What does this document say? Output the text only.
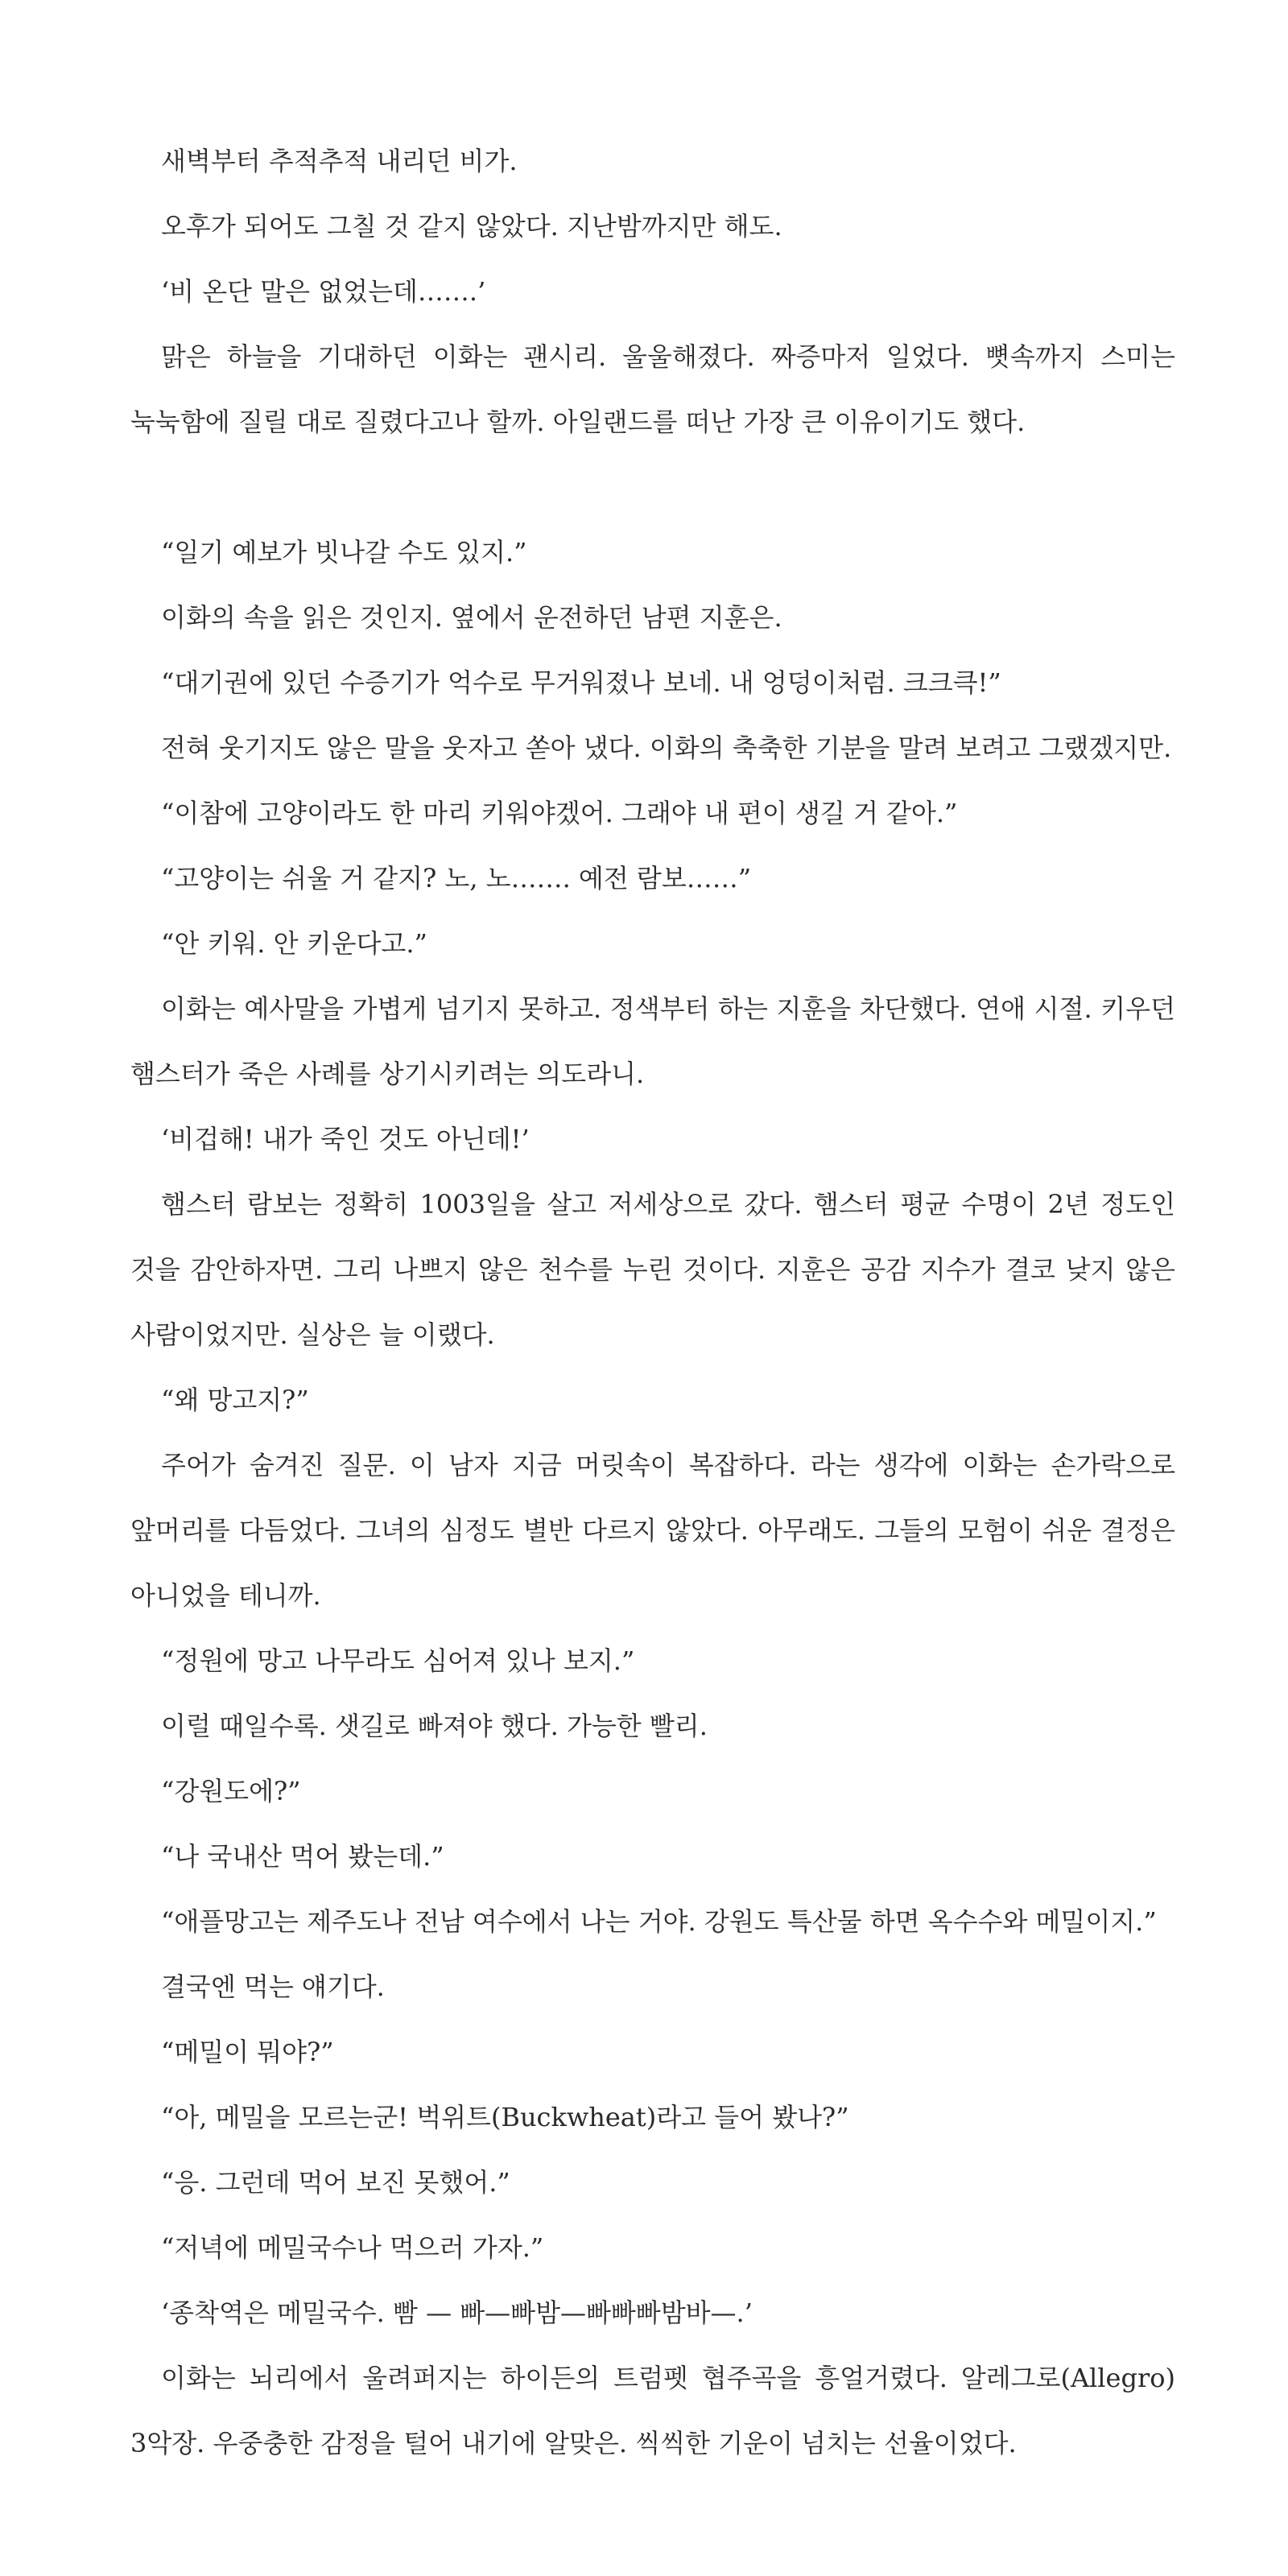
새벽부터 추적추적 내리던 비가.

오후가 되어도 그칠 것 같지 않았다. 지난밤까지만 해도.

‘비 온단 말은 없었는데…….’

맑은 하늘을 기대하던 이화는 괜시리. 울울해졌다. 짜증마저 일었다. 뼛속까지 스미는 눅눅함에 질릴 대로 질렸다고나 할까. 아일랜드를 떠난 가장 큰 이유이기도 했다.

“일기 예보가 빗나갈 수도 있지.”

이화의 속을 읽은 것인지. 옆에서 운전하던 남편 지훈은.

“대기권에 있던 수증기가 억수로 무거워졌나 보네. 내 엉덩이처럼. 크크큭!”

전혀 웃기지도 않은 말을 웃자고 쏟아 냈다. 이화의 축축한 기분을 말려 보려고 그랬겠지만.

“이참에 고양이라도 한 마리 키워야겠어. 그래야 내 편이 생길 거 같아.”

“고양이는 쉬울 거 같지? 노, 노……. 예전 람보……”

“안 키워. 안 키운다고.”

이화는 예사말을 가볍게 넘기지 못하고. 정색부터 하는 지훈을 차단했다. 연애 시절. 키우던 햄스터가 죽은 사례를 상기시키려는 의도라니.

‘비겁해! 내가 죽인 것도 아닌데!’

햄스터 람보는 정확히 1003일을 살고 저세상으로 갔다. 햄스터 평균 수명이 2년 정도인 것을 감안하자면. 그리 나쁘지 않은 천수를 누린 것이다. 지훈은 공감 지수가 결코 낮지 않은 사람이었지만. 실상은 늘 이랬다.

“왜 망고지?”

주어가 숨겨진 질문. 이 남자 지금 머릿속이 복잡하다. 라는 생각에 이화는 손가락으로 앞머리를 다듬었다. 그녀의 심정도 별반 다르지 않았다. 아무래도. 그들의 모험이 쉬운 결정은 아니었을 테니까.

“정원에 망고 나무라도 심어져 있나 보지.”

이럴 때일수록. 샛길로 빠져야 했다. 가능한 빨리.

“강원도에?”

“나 국내산 먹어 봤는데.”

“애플망고는 제주도나 전남 여수에서 나는 거야. 강원도 특산물 하면 옥수수와 메밀이지.”

결국엔 먹는 얘기다.

“메밀이 뭐야?”

“아, 메밀을 모르는군! 벅위트(Buckwheat)라고 들어 봤나?”

“응. 그런데 먹어 보진 못했어.”

“저녁에 메밀국수나 먹으러 가자.”

‘종착역은 메밀국수. 빰 — 빠—빠밤—빠빠빠밤바—.’

이화는 뇌리에서 울려퍼지는 하이든의 트럼펫 협주곡을 흥얼거렸다. 알레그로(Allegro) 3악장. 우중충한 감정을 털어 내기에 알맞은. 씩씩한 기운이 넘치는 선율이었다.
